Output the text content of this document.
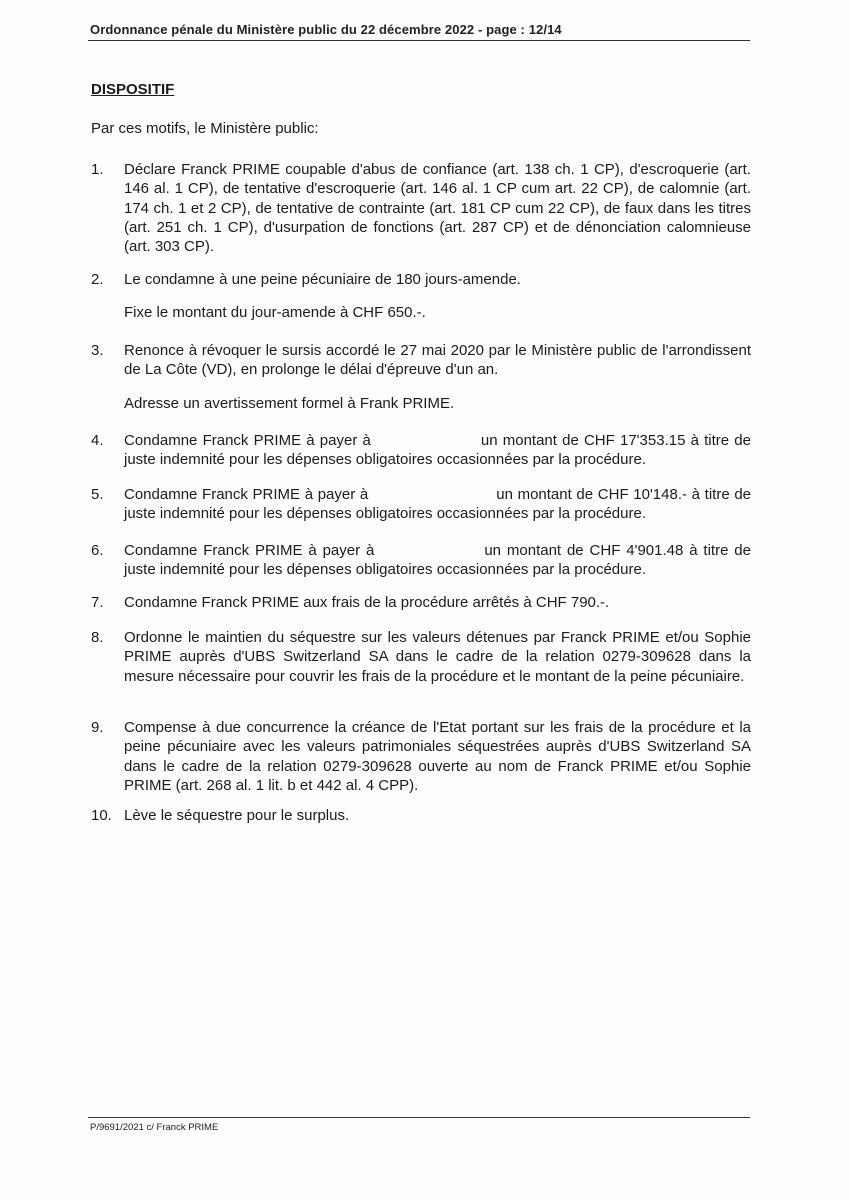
Ordonnance pénale du Ministère public du 22 décembre 2022 - page : 12/14
DISPOSITIF
Par ces motifs, le Ministère public:
1. Déclare Franck PRIME coupable d'abus de confiance (art. 138 ch. 1 CP), d'escroquerie (art. 146 al. 1 CP), de tentative d'escroquerie (art. 146 al. 1 CP cum art. 22 CP), de calomnie (art. 174 ch. 1 et 2 CP), de tentative de contrainte (art. 181 CP cum 22 CP), de faux dans les titres (art. 251 ch. 1 CP), d'usurpation de fonctions (art. 287 CP) et de dénonciation calomnieuse (art. 303 CP).
2. Le condamne à une peine pécuniaire de 180 jours-amende.
Fixe le montant du jour-amende à CHF 650.-.
3. Renonce à révoquer le sursis accordé le 27 mai 2020 par le Ministère public de l'arrondissent de La Côte (VD), en prolonge le délai d'épreuve d'un an.
Adresse un avertissement formel à Frank PRIME.
4. Condamne Franck PRIME à payer à	un montant de CHF 17'353.15 à titre de juste indemnité pour les dépenses obligatoires occasionnées par la procédure.
5. Condamne Franck PRIME à payer à	un montant de CHF 10'148.- à titre de juste indemnité pour les dépenses obligatoires occasionnées par la procédure.
6. Condamne Franck PRIME à payer à	un montant de CHF 4'901.48 à titre de juste indemnité pour les dépenses obligatoires occasionnées par la procédure.
7. Condamne Franck PRIME aux frais de la procédure arrêtés à CHF 790.-.
8. Ordonne le maintien du séquestre sur les valeurs détenues par Franck PRIME et/ou Sophie PRIME auprès d'UBS Switzerland SA dans le cadre de la relation 0279-309628 dans la mesure nécessaire pour couvrir les frais de la procédure et le montant de la peine pécuniaire.
9. Compense à due concurrence la créance de l'Etat portant sur les frais de la procédure et la peine pécuniaire avec les valeurs patrimoniales séquestrées auprès d'UBS Switzerland SA dans le cadre de la relation 0279-309628 ouverte au nom de Franck PRIME et/ou Sophie PRIME (art. 268 al. 1 lit. b et 442 al. 4 CPP).
10. Lève le séquestre pour le surplus.
P/9691/2021 c/ Franck PRIME
